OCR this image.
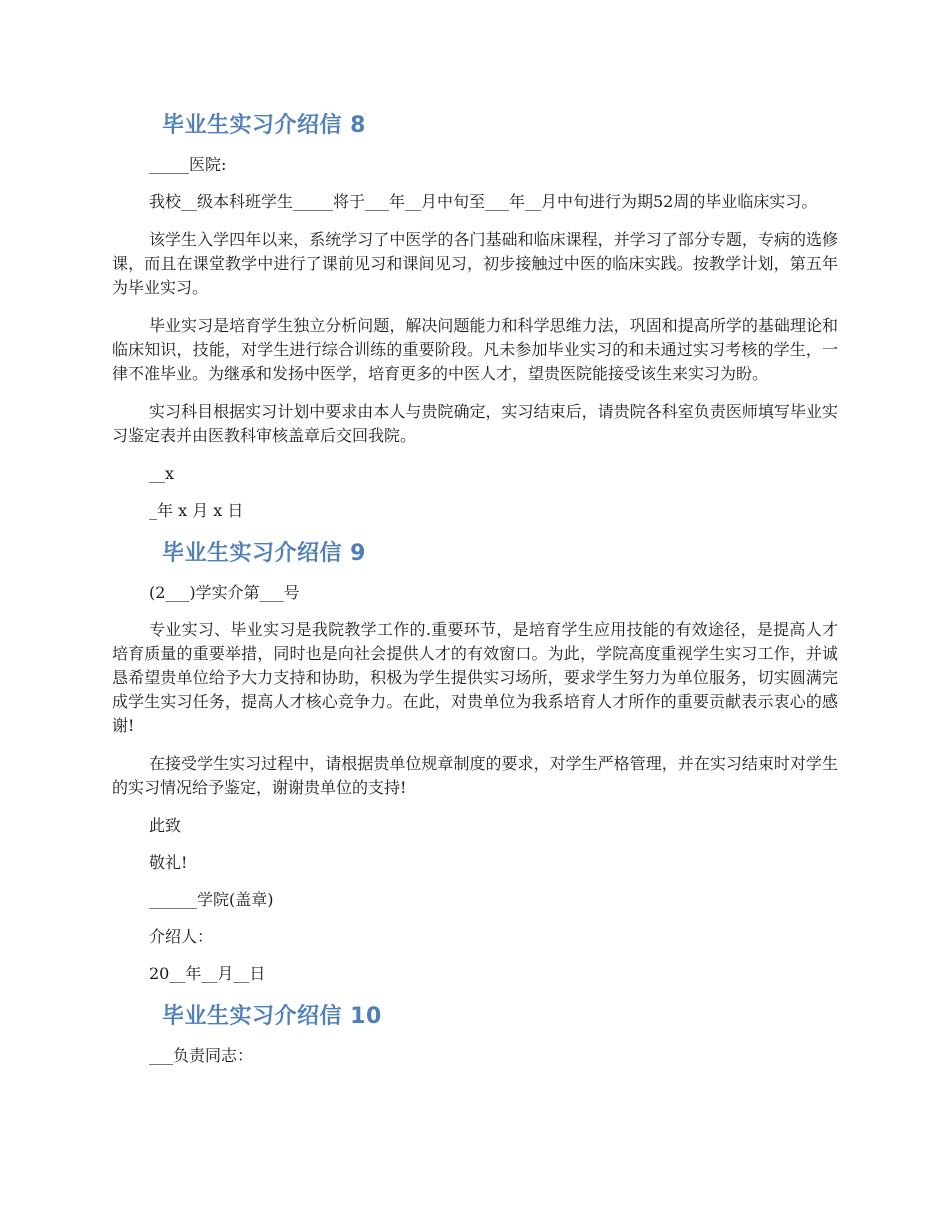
毕业生实习介绍信 8

_____医院:

我校__级本科班学生_____将于___年__月中旬至___年__月中旬进行为期52周的毕业临床实习。

该学生入学四年以来，系统学习了中医学的各门基础和临床课程，并学习了部分专题，专病的选修课，而且在课堂教学中进行了课前见习和课间见习，初步接触过中医的临床实践。按教学计划，第五年为毕业实习。

毕业实习是培育学生独立分析问题，解决问题能力和科学思维力法，巩固和提高所学的基础理论和临床知识，技能，对学生进行综合训练的重要阶段。凡未参加毕业实习的和未通过实习考核的学生，一律不准毕业。为继承和发扬中医学，培育更多的中医人才，望贵医院能接受该生来实习为盼。

实习科目根据实习计划中要求由本人与贵院确定，实习结束后，请贵院各科室负责医师填写毕业实习鉴定表并由医教科审核盖章后交回我院。

__x

_年 x 月 x 日

毕业生实习介绍信 9

(2___)学实介第___号

专业实习、毕业实习是我院教学工作的.重要环节，是培育学生应用技能的有效途径，是提高人才培育质量的重要举措，同时也是向社会提供人才的有效窗口。为此，学院高度重视学生实习工作，并诚恳希望贵单位给予大力支持和协助，积极为学生提供实习场所，要求学生努力为单位服务，切实圆满完成学生实习任务，提高人才核心竞争力。在此，对贵单位为我系培育人才所作的重要贡献表示衷心的感谢!

在接受学生实习过程中，请根据贵单位规章制度的要求，对学生严格管理，并在实习结束时对学生的实习情况给予鉴定，谢谢贵单位的支持!

此致

敬礼!

______学院(盖章)

介绍人：

20__年__月__日

毕业生实习介绍信 10

___负责同志：
